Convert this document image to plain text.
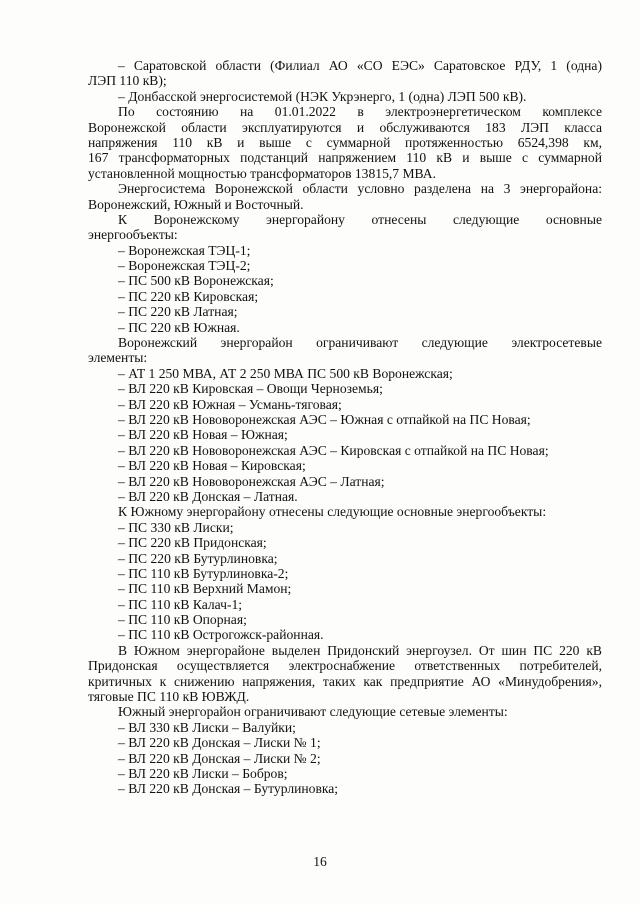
– Саратовской области (Филиал АО «СО ЕЭС» Саратовское РДУ, 1 (одна)
ЛЭП 110 кВ);
– Донбасской энергосистемой (НЭК Укрэнерго, 1 (одна) ЛЭП 500 кВ).
По состоянию на 01.01.2022 в электроэнергетическом комплексе
Воронежской области эксплуатируются и обслуживаются 183 ЛЭП класса
напряжения 110 кВ и выше с суммарной протяженностью 6524,398 км,
167 трансформаторных подстанций напряжением 110 кВ и выше с суммарной
установленной мощностью трансформаторов 13815,7 МВА.
Энергосистема Воронежской области условно разделена на 3 энергорайона:
Воронежский, Южный и Восточный.
К Воронежскому энергорайону отнесены следующие основные
энергообъекты:
– Воронежская ТЭЦ-1;
– Воронежская ТЭЦ-2;
– ПС 500 кВ Воронежская;
– ПС 220 кВ Кировская;
– ПС 220 кВ Латная;
– ПС 220 кВ Южная.
Воронежский энергорайон ограничивают следующие электросетевые
элементы:
– АТ 1 250 МВА, АТ 2 250 МВА ПС 500 кВ Воронежская;
– ВЛ 220 кВ Кировская – Овощи Черноземья;
– ВЛ 220 кВ Южная – Усмань-тяговая;
– ВЛ 220 кВ Нововоронежская АЭС – Южная с отпайкой на ПС Новая;
– ВЛ 220 кВ Новая – Южная;
– ВЛ 220 кВ Нововоронежская АЭС – Кировская с отпайкой на ПС Новая;
– ВЛ 220 кВ Новая – Кировская;
– ВЛ 220 кВ Нововоронежская АЭС – Латная;
– ВЛ 220 кВ Донская – Латная.
К Южному энергорайону отнесены следующие основные энергообъекты:
– ПС 330 кВ Лиски;
– ПС 220 кВ Придонская;
– ПС 220 кВ Бутурлиновка;
– ПС 110 кВ Бутурлиновка-2;
– ПС 110 кВ Верхний Мамон;
– ПС 110 кВ Калач-1;
– ПС 110 кВ Опорная;
– ПС 110 кВ Острогожск-районная.
В Южном энергорайоне выделен Придонский энергоузел. От шин ПС 220 кВ
Придонская осуществляется электроснабжение ответственных потребителей,
критичных к снижению напряжения, таких как предприятие АО «Минудобрения»,
тяговые ПС 110 кВ ЮВЖД.
Южный энергорайон ограничивают следующие сетевые элементы:
– ВЛ 330 кВ Лиски – Валуйки;
– ВЛ 220 кВ Донская – Лиски № 1;
– ВЛ 220 кВ Донская – Лиски № 2;
– ВЛ 220 кВ Лиски – Бобров;
– ВЛ 220 кВ Донская – Бутурлиновка;
16
